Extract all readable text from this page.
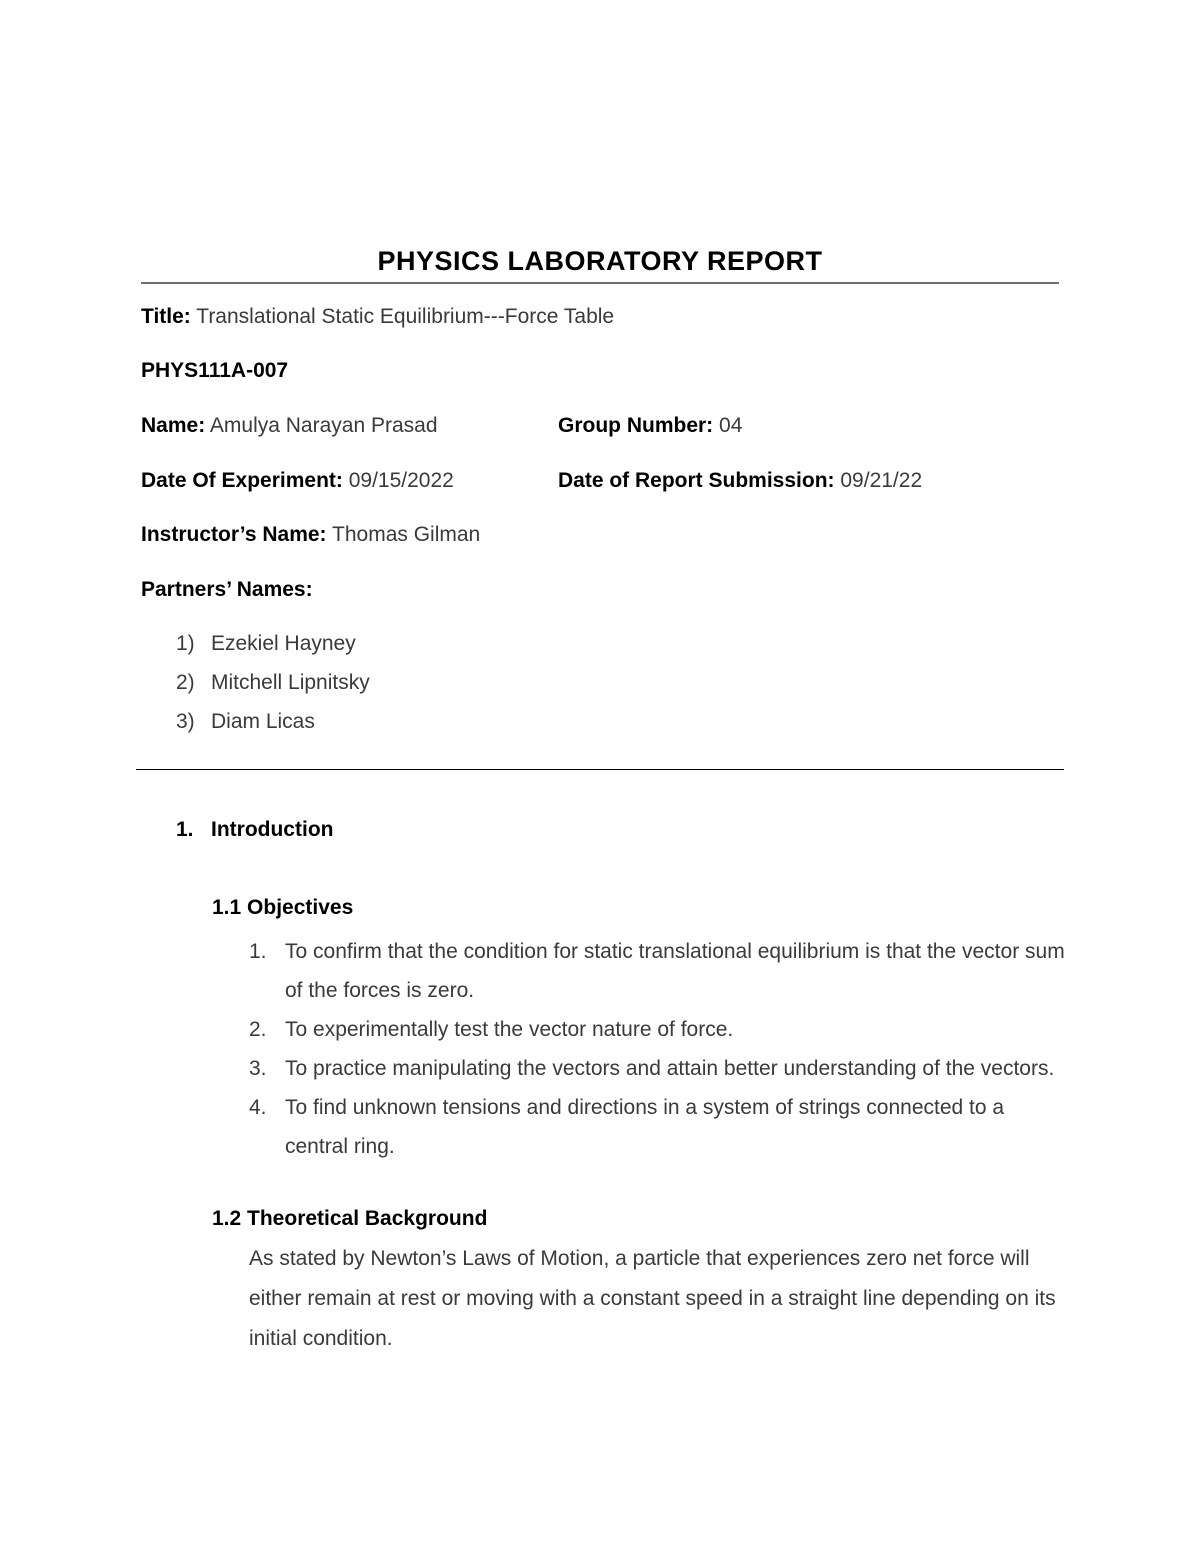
PHYSICS LABORATORY REPORT
Title: Translational Static Equilibrium---Force Table
PHYS111A-007
Name: Amulya Narayan Prasad	Group Number: 04
Date Of Experiment: 09/15/2022	Date of Report Submission: 09/21/22
Instructor’s Name: Thomas Gilman
Partners’ Names:
1) Ezekiel Hayney
2) Mitchell Lipnitsky
3) Diam Licas
1. Introduction
1.1 Objectives
1. To confirm that the condition for static translational equilibrium is that the vector sum of the forces is zero.
2. To experimentally test the vector nature of force.
3. To practice manipulating the vectors and attain better understanding of the vectors.
4. To find unknown tensions and directions in a system of strings connected to a central ring.
1.2 Theoretical Background

As stated by Newton’s Laws of Motion, a particle that experiences zero net force will either remain at rest or moving with a constant speed in a straight line depending on its initial condition.
